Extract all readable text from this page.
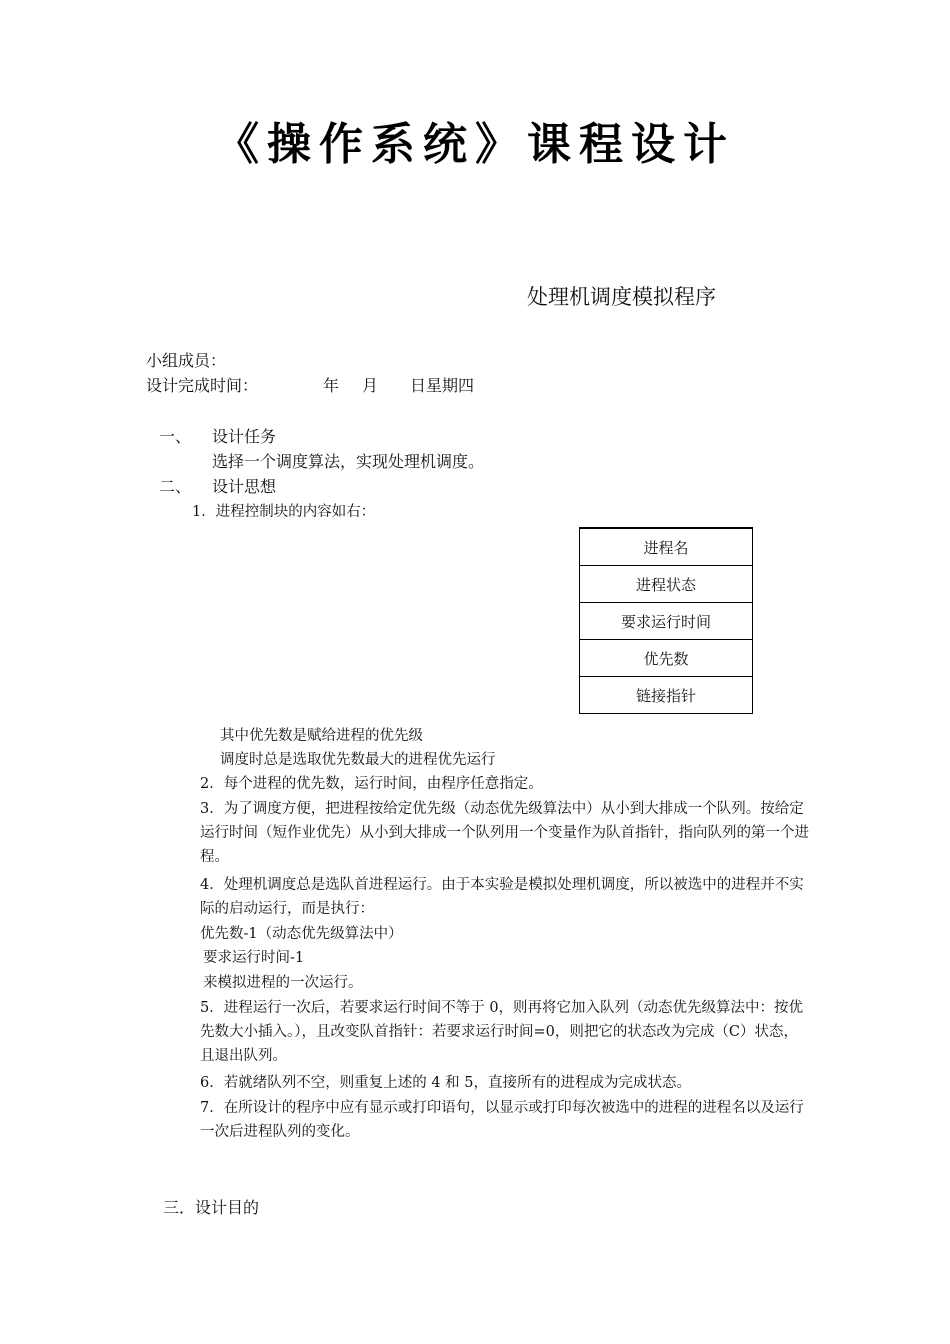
《操作系统》课程设计
处理机调度模拟程序
小组成员：
设计完成时间：	年 月 日星期四
一、 设计任务
选择一个调度算法，实现处理机调度。
二、 设计思想
1．进程控制块的内容如右：
进程名
进程状态
要求运行时间
优先数
链接指针
其中优先数是赋给进程的优先级
调度时总是选取优先数最大的进程优先运行
2．每个进程的优先数，运行时间，由程序任意指定。
3．为了调度方便，把进程按给定优先级（动态优先级算法中）从小到大排成一个队列。按给定运行时间（短作业优先）从小到大排成一个队列用一个变量作为队首指针，指向队列的第一个进程。
4．处理机调度总是选队首进程运行。由于本实验是模拟处理机调度，所以被选中的进程并不实际的启动运行，而是执行：
优先数-1（动态优先级算法中）
要求运行时间-1
来模拟进程的一次运行。
5．进程运行一次后，若要求运行时间不等于 0，则再将它加入队列（动态优先级算法中：按优先数大小插入。），且改变队首指针：若要求运行时间=0，则把它的状态改为完成（C）状态，且退出队列。
6．若就绪队列不空，则重复上述的 4 和 5，直接所有的进程成为完成状态。
7．在所设计的程序中应有显示或打印语句，以显示或打印每次被选中的进程的进程名以及运行一次后进程队列的变化。
三．设计目的
